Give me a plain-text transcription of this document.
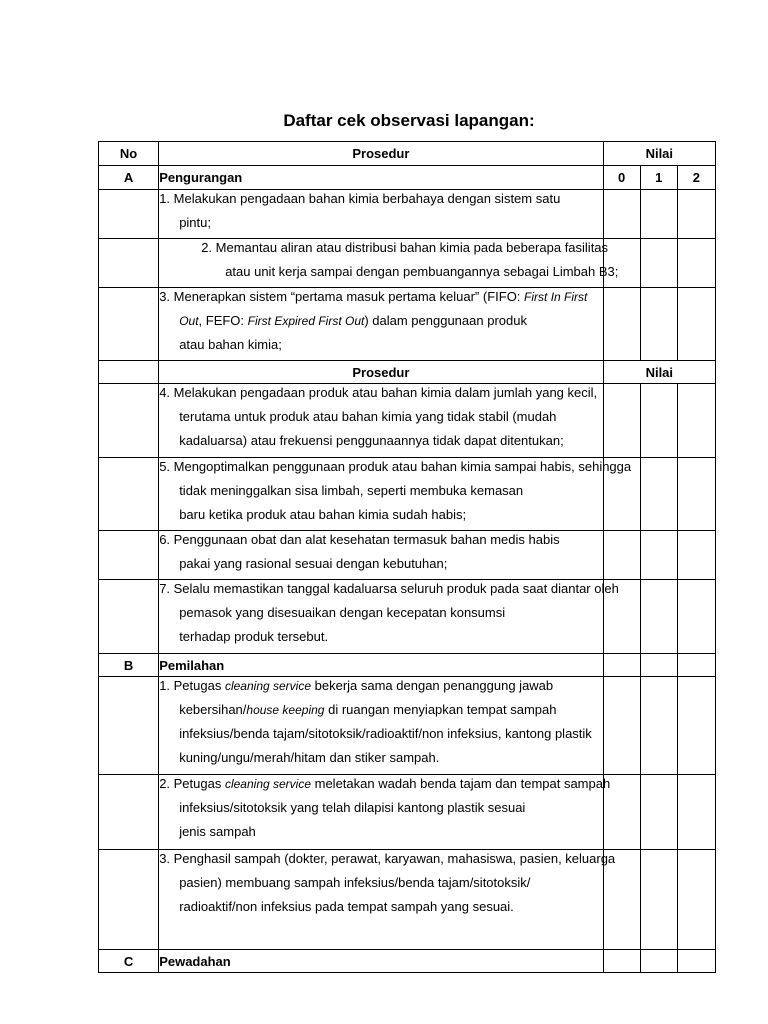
Daftar cek observasi lapangan:
No	Prosedur	Nilai		
A	Pengurangan	0	1	2

	1. Melakukan pengadaan bahan kimia berbahaya dengan sistem satu
pintu;			

	2. Memantau aliran atau distribusi bahan kimia pada beberapa fasilitas
atau unit kerja sampai dengan pembuangannya sebagai Limbah B3;			

	3. Menerapkan sistem “pertama masuk pertama keluar” (FIFO: First In First
Out, FEFO: First Expired First Out) dalam penggunaan produk
atau bahan kimia;			

	Prosedur	Nilai		

	4. Melakukan pengadaan produk atau bahan kimia dalam jumlah yang kecil,
terutama untuk produk atau bahan kimia yang tidak stabil (mudah
kadaluarsa) atau frekuensi penggunaannya tidak dapat ditentukan;			

	5. Mengoptimalkan penggunaan produk atau bahan kimia sampai habis, sehingga
tidak meninggalkan sisa limbah, seperti membuka kemasan
baru ketika produk atau bahan kimia sudah habis;			

	6. Penggunaan obat dan alat kesehatan termasuk bahan medis habis
pakai yang rasional sesuai dengan kebutuhan;			

	7. Selalu memastikan tanggal kadaluarsa seluruh produk pada saat diantar oleh
pemasok yang disesuaikan dengan kecepatan konsumsi
terhadap produk tersebut.			

B	Pemilahan			

	1. Petugas cleaning service bekerja sama dengan penanggung jawab
kebersihan/house keeping di ruangan menyiapkan tempat sampah
infeksius/benda tajam/sitotoksik/radioaktif/non infeksius, kantong plastik
kuning/ungu/merah/hitam dan stiker sampah.			

	2. Petugas cleaning service meletakan wadah benda tajam dan tempat sampah
infeksius/sitotoksik yang telah dilapisi kantong plastik sesuai
jenis sampah			

	3. Penghasil sampah (dokter, perawat, karyawan, mahasiswa, pasien, keluarga
pasien) membuang sampah infeksius/benda tajam/sitotoksik/
radioaktif/non infeksius pada tempat sampah yang sesuai.			

C	Pewadahan			
